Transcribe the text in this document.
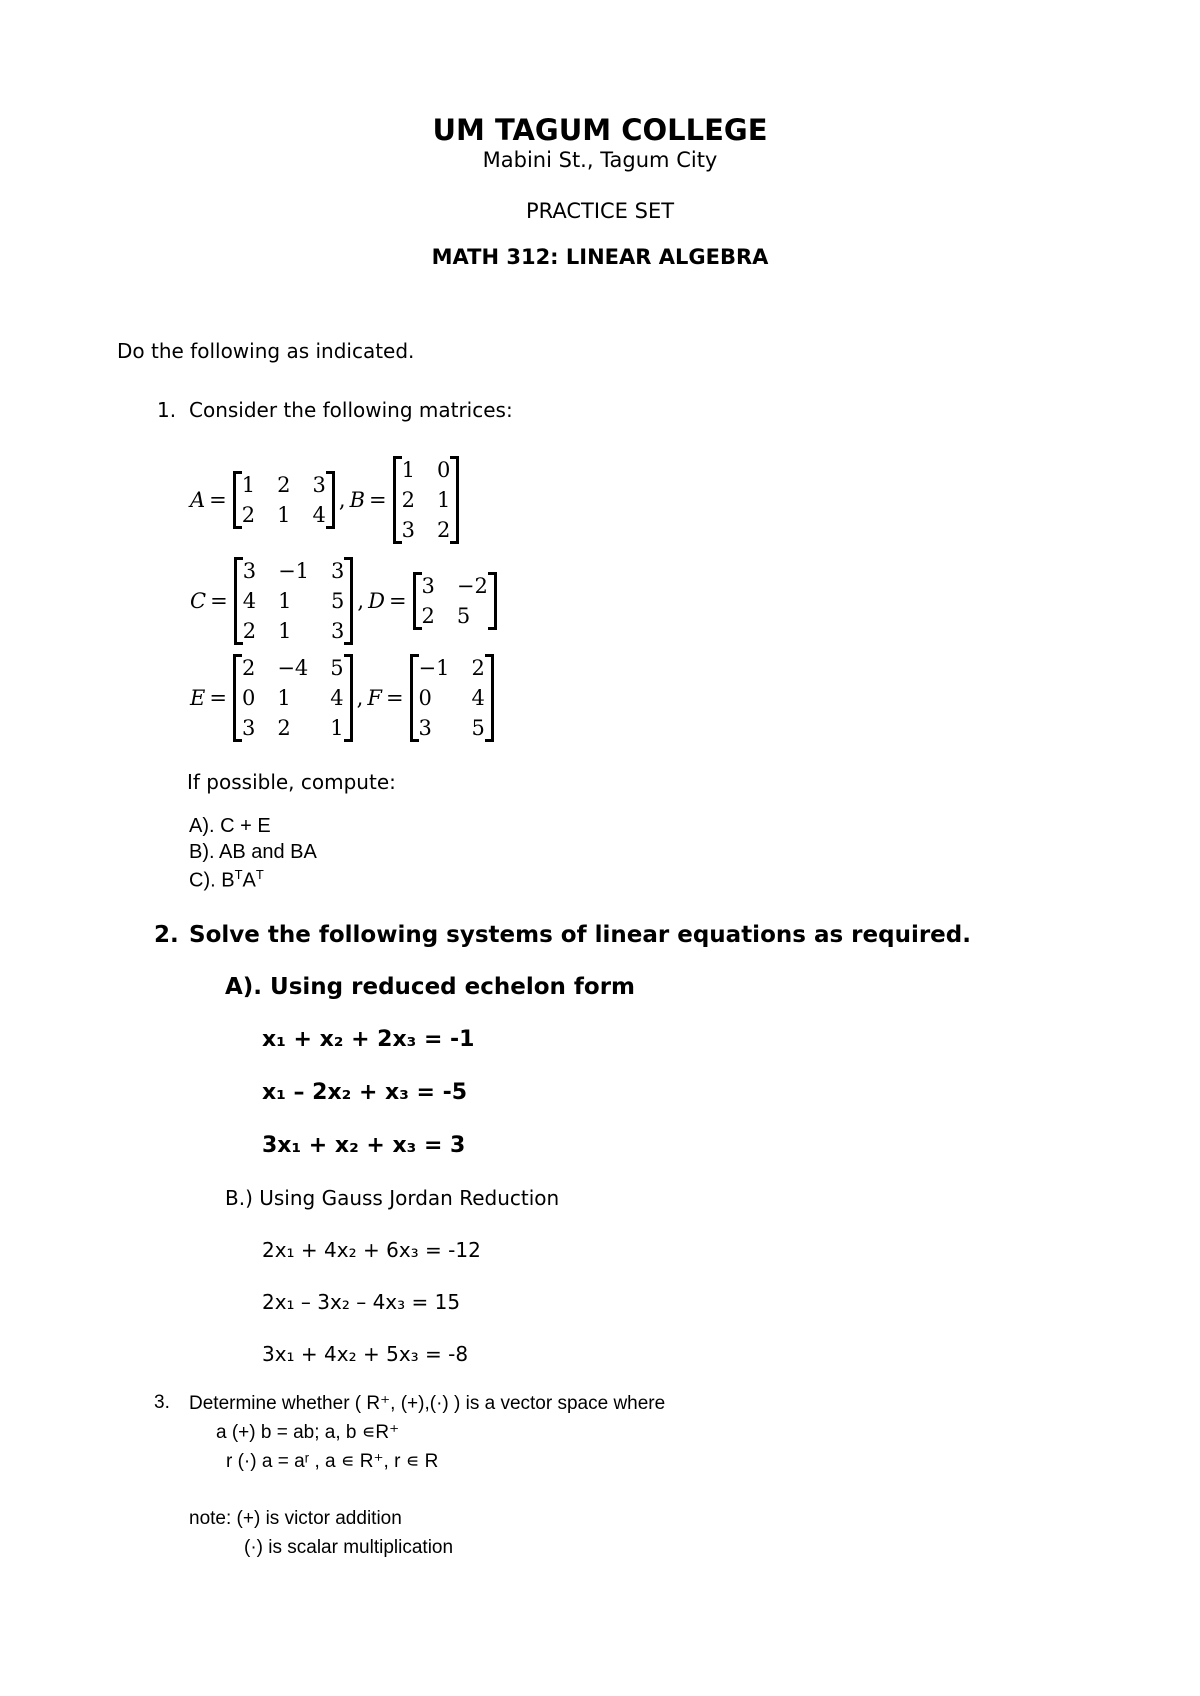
UM TAGUM COLLEGE
Mabini St., Tagum City
PRACTICE SET
MATH 312: LINEAR ALGEBRA
Do the following as indicated.
1. Consider the following matrices:
A =
1 2 3
2 1 4
, B =
1 0
2 1
3 2
C =
3 −1 3
4 1	5
2 1	3
, D =
3 −2
2 5
E =
2 −4 5
0 1	4
3 2	1
, F =
−1 2
0	4
3	5
If possible, compute:
A). C + E
B). AB and BA
C). $B^TA^T$
2. Solve the following systems of linear equations as required.
A). Using reduced echelon form
x₁ + x₂ + 2x₃ = -1
x₁ – 2x₂ + x₃ = -5
3x₁ + x₂ + x₃ = 3
B.) Using Gauss Jordan Reduction
2x₁ + 4x₂ + 6x₃ = -12
2x₁ – 3x₂ – 4x₃ = 15
3x₁ + 4x₂ + 5x₃ = -8
3. Determine whether ( R⁺, (+),(·) ) is a vector space where
a (+) b = ab; a, b ∊R⁺
r (·) a = aʳ , a ∊ R⁺, r ∊ R
note: (+) is victor addition
(·) is scalar multiplication
